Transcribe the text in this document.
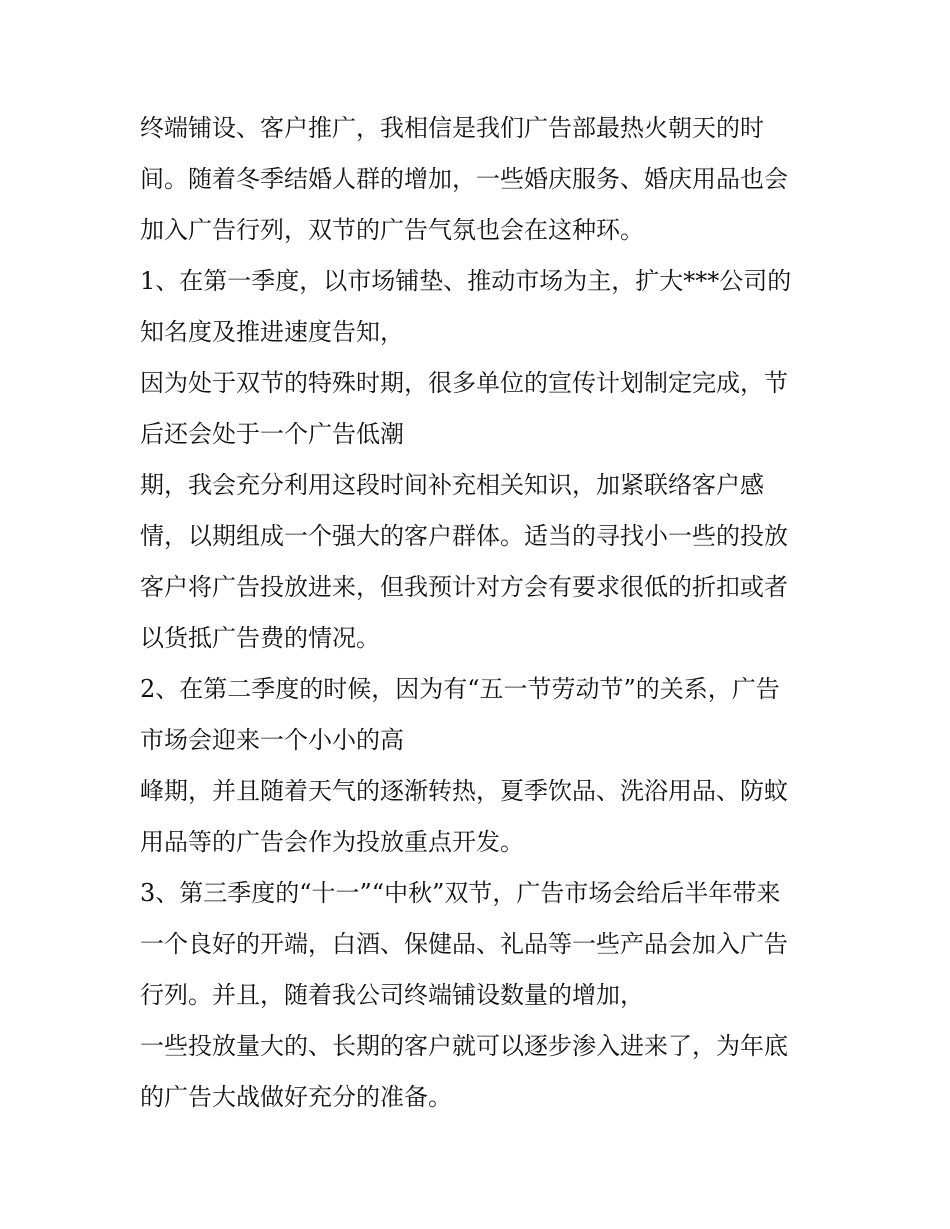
终端铺设、客户推广，我相信是我们广告部最热火朝天的时
间。随着冬季结婚人群的增加，一些婚庆服务、婚庆用品也会
加入广告行列，双节的广告气氛也会在这种环。
1、在第一季度，以市场铺垫、推动市场为主，扩大***公司的
知名度及推进速度告知，
因为处于双节的特殊时期，很多单位的宣传计划制定完成，节
后还会处于一个广告低潮
期，我会充分利用这段时间补充相关知识，加紧联络客户感
情，以期组成一个强大的客户群体。适当的寻找小一些的投放
客户将广告投放进来，但我预计对方会有要求很低的折扣或者
以货抵广告费的情况。
2、在第二季度的时候，因为有“五一节劳动节”的关系，广告
市场会迎来一个小小的高
峰期，并且随着天气的逐渐转热，夏季饮品、洗浴用品、防蚊
用品等的广告会作为投放重点开发。
3、第三季度的“十一”“中秋”双节，广告市场会给后半年带来
一个良好的开端，白酒、保健品、礼品等一些产品会加入广告
行列。并且，随着我公司终端铺设数量的增加，
一些投放量大的、长期的客户就可以逐步渗入进来了，为年底
的广告大战做好充分的准备。
